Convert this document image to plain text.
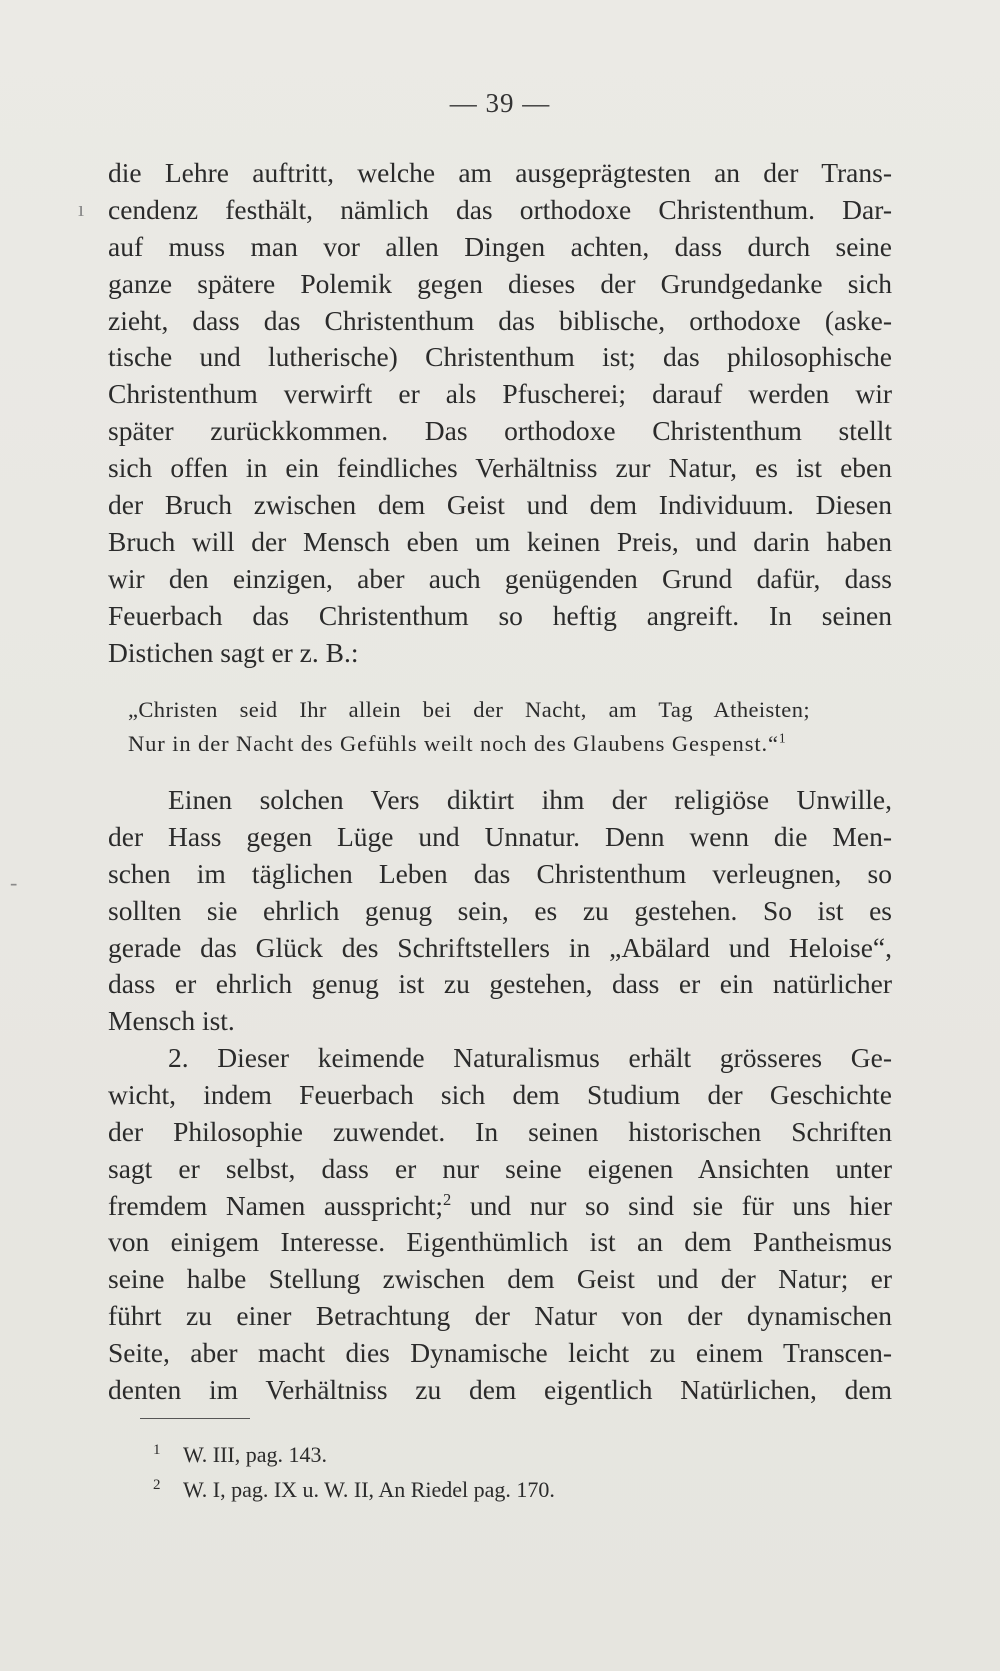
— 39 —
ı
-
die Lehre auftritt, welche am ausgeprägtesten an der Trans-
cendenz festhält, nämlich das orthodoxe Christenthum. Dar-
auf muss man vor allen Dingen achten, dass durch seine
ganze spätere Polemik gegen dieses der Grundgedanke sich
zieht, dass das Christenthum das biblische, orthodoxe (aske-
tische und lutherische) Christenthum ist; das philosophische
Christenthum verwirft er als Pfuscherei; darauf werden wir
später zurückkommen. Das orthodoxe Christenthum stellt
sich offen in ein feindliches Verhältniss zur Natur, es ist eben
der Bruch zwischen dem Geist und dem Individuum. Diesen
Bruch will der Mensch eben um keinen Preis, und darin haben
wir den einzigen, aber auch genügenden Grund dafür, dass
Feuerbach das Christenthum so heftig angreift. In seinen
Distichen sagt er z. B.:
„Christen seid Ihr allein bei der Nacht, am Tag Atheisten;
Nur in der Nacht des Gefühls weilt noch des Glaubens Gespenst.“$^1$
Einen solchen Vers diktirt ihm der religiöse Unwille,
der Hass gegen Lüge und Unnatur. Denn wenn die Men-
schen im täglichen Leben das Christenthum verleugnen, so
sollten sie ehrlich genug sein, es zu gestehen. So ist es
gerade das Glück des Schriftstellers in „Abälard und Heloise“,
dass er ehrlich genug ist zu gestehen, dass er ein natürlicher
Mensch ist.
2. Dieser keimende Naturalismus erhält grösseres Ge-
wicht, indem Feuerbach sich dem Studium der Geschichte
der Philosophie zuwendet. In seinen historischen Schriften
sagt er selbst, dass er nur seine eigenen Ansichten unter
fremdem Namen ausspricht;$^2$ und nur so sind sie für uns hier
von einigem Interesse. Eigenthümlich ist an dem Pantheismus
seine halbe Stellung zwischen dem Geist und der Natur; er
führt zu einer Betrachtung der Natur von der dynamischen
Seite, aber macht dies Dynamische leicht zu einem Transcen-
denten im Verhältniss zu dem eigentlich Natürlichen, dem
1 W. III, pag. 143.
2 W. I, pag. IX u. W. II, An Riedel pag. 170.
